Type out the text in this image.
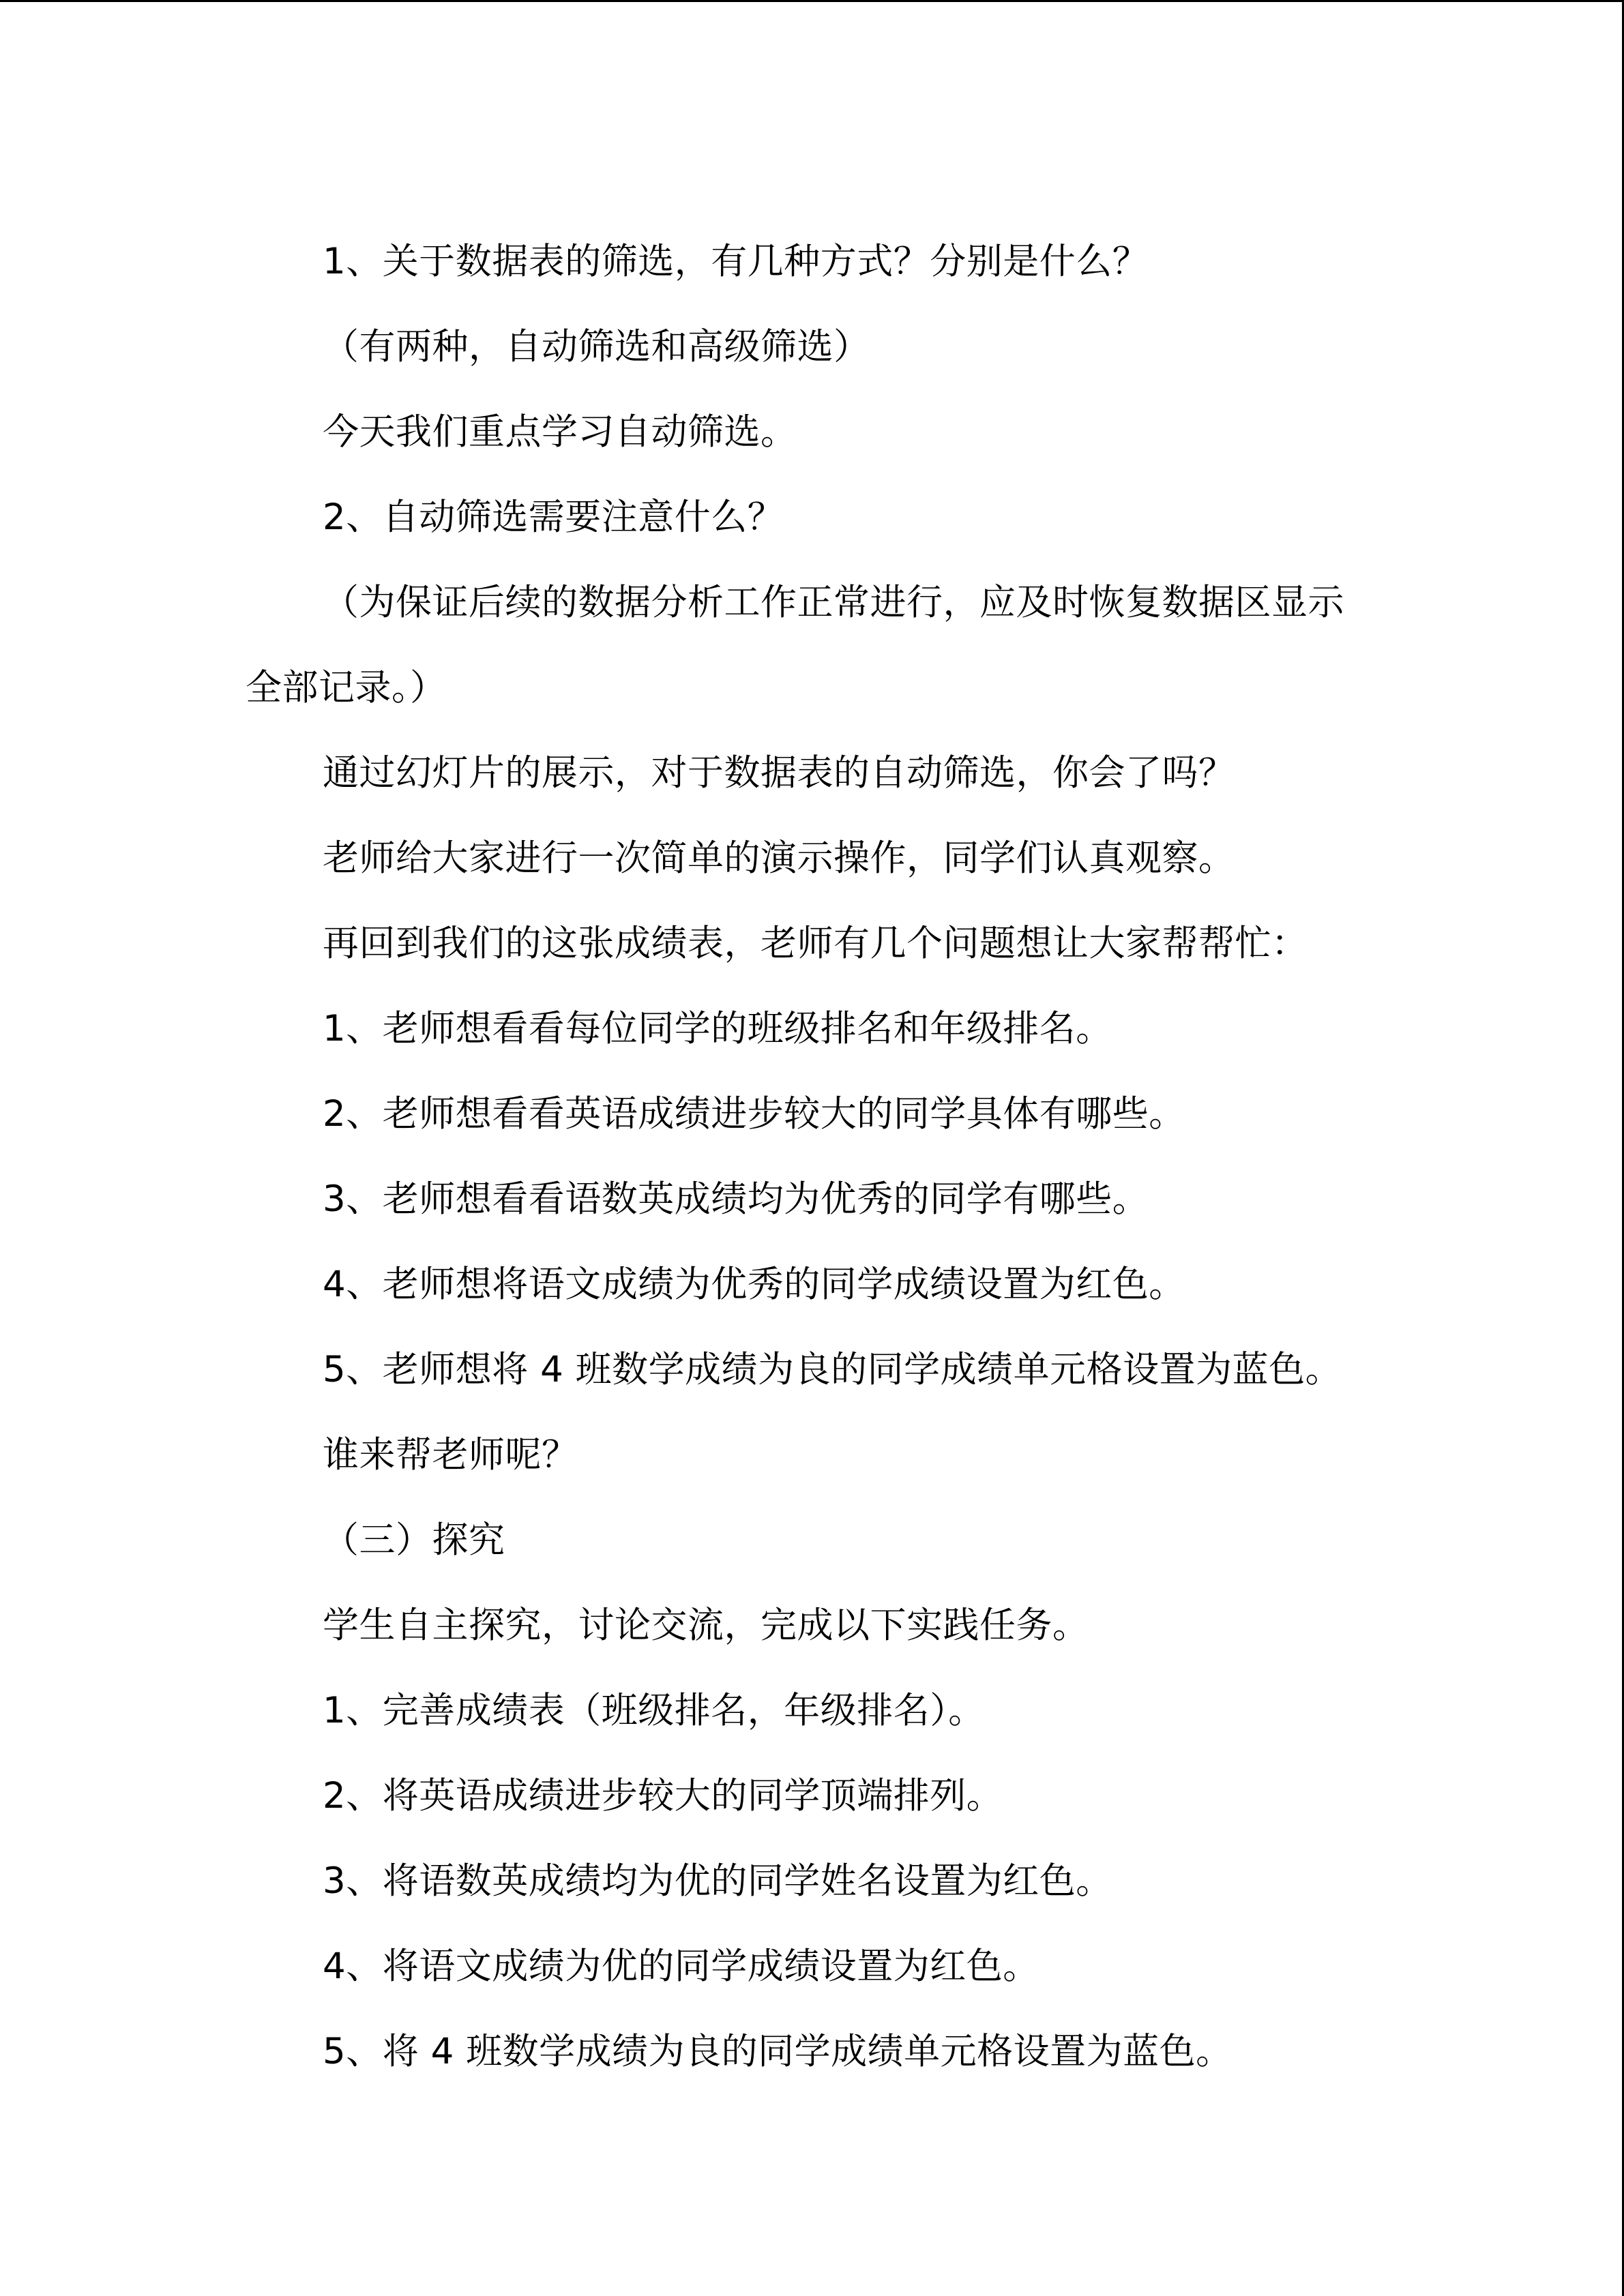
1、关于数据表的筛选，有几种方式？分别是什么？

（有两种，自动筛选和高级筛选）

今天我们重点学习自动筛选。

2、自动筛选需要注意什么？

（为保证后续的数据分析工作正常进行，应及时恢复数据区显示全部记录。）

通过幻灯片的展示，对于数据表的自动筛选，你会了吗？

老师给大家进行一次简单的演示操作，同学们认真观察。

再回到我们的这张成绩表，老师有几个问题想让大家帮帮忙：

1、老师想看看每位同学的班级排名和年级排名。

2、老师想看看英语成绩进步较大的同学具体有哪些。

3、老师想看看语数英成绩均为优秀的同学有哪些。

4、老师想将语文成绩为优秀的同学成绩设置为红色。

5、老师想将 4 班数学成绩为良的同学成绩单元格设置为蓝色。

谁来帮老师呢？

（三）探究

学生自主探究，讨论交流，完成以下实践任务。

1、完善成绩表（班级排名，年级排名）。

2、将英语成绩进步较大的同学顶端排列。

3、将语数英成绩均为优的同学姓名设置为红色。

4、将语文成绩为优的同学成绩设置为红色。

5、将 4 班数学成绩为良的同学成绩单元格设置为蓝色。
